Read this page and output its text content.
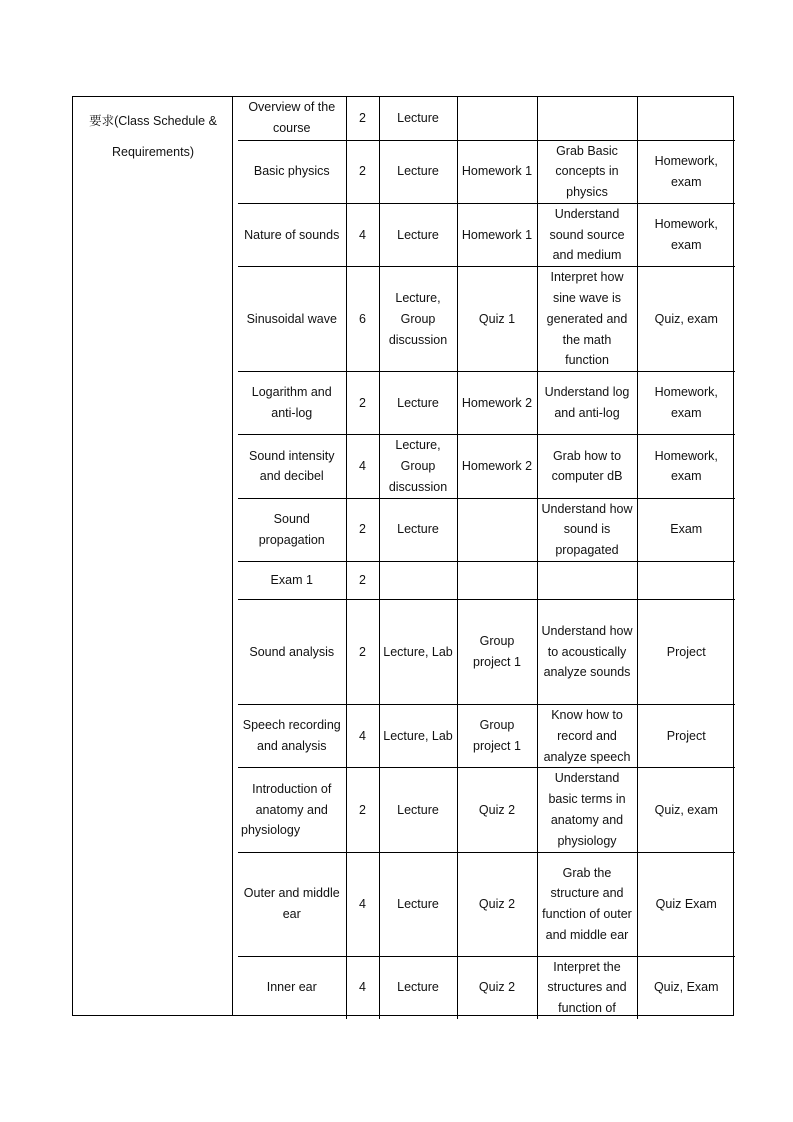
要求(Class Schedule &
Requirements)
Overview of the course	2	Lecture			
Basic physics	2	Lecture	Homework 1	Grab Basic concepts in physics	Homework, exam
Nature of sounds	4	Lecture	Homework 1	Understand sound source and medium	Homework, exam
Sinusoidal wave	6	Lecture, Group discussion	Quiz 1	Interpret how sine wave is generated and the math function	Quiz, exam
Logarithm and anti-log	2	Lecture	Homework 2	Understand log and anti-log	Homework, exam
Sound intensity and decibel	4	Lecture, Group discussion	Homework 2	Grab how to computer dB	Homework, exam
Sound propagation	2	Lecture		Understand how sound is propagated	Exam
Exam 1	2				
Sound analysis	2	Lecture, Lab	Group project 1	Understand how to acoustically analyze sounds	Project
Speech recording and analysis	4	Lecture, Lab	Group project 1	Know how to record and analyze speech	Project
Introduction of anatomy and physiology	2	Lecture	Quiz 2	Understand basic terms in anatomy and physiology	Quiz, exam
Outer and middle ear	4	Lecture	Quiz 2	Grab the structure and function of outer and middle ear	Quiz Exam
Inner ear	4	Lecture	Quiz 2	Interpret the structures and function of	Quiz, Exam
